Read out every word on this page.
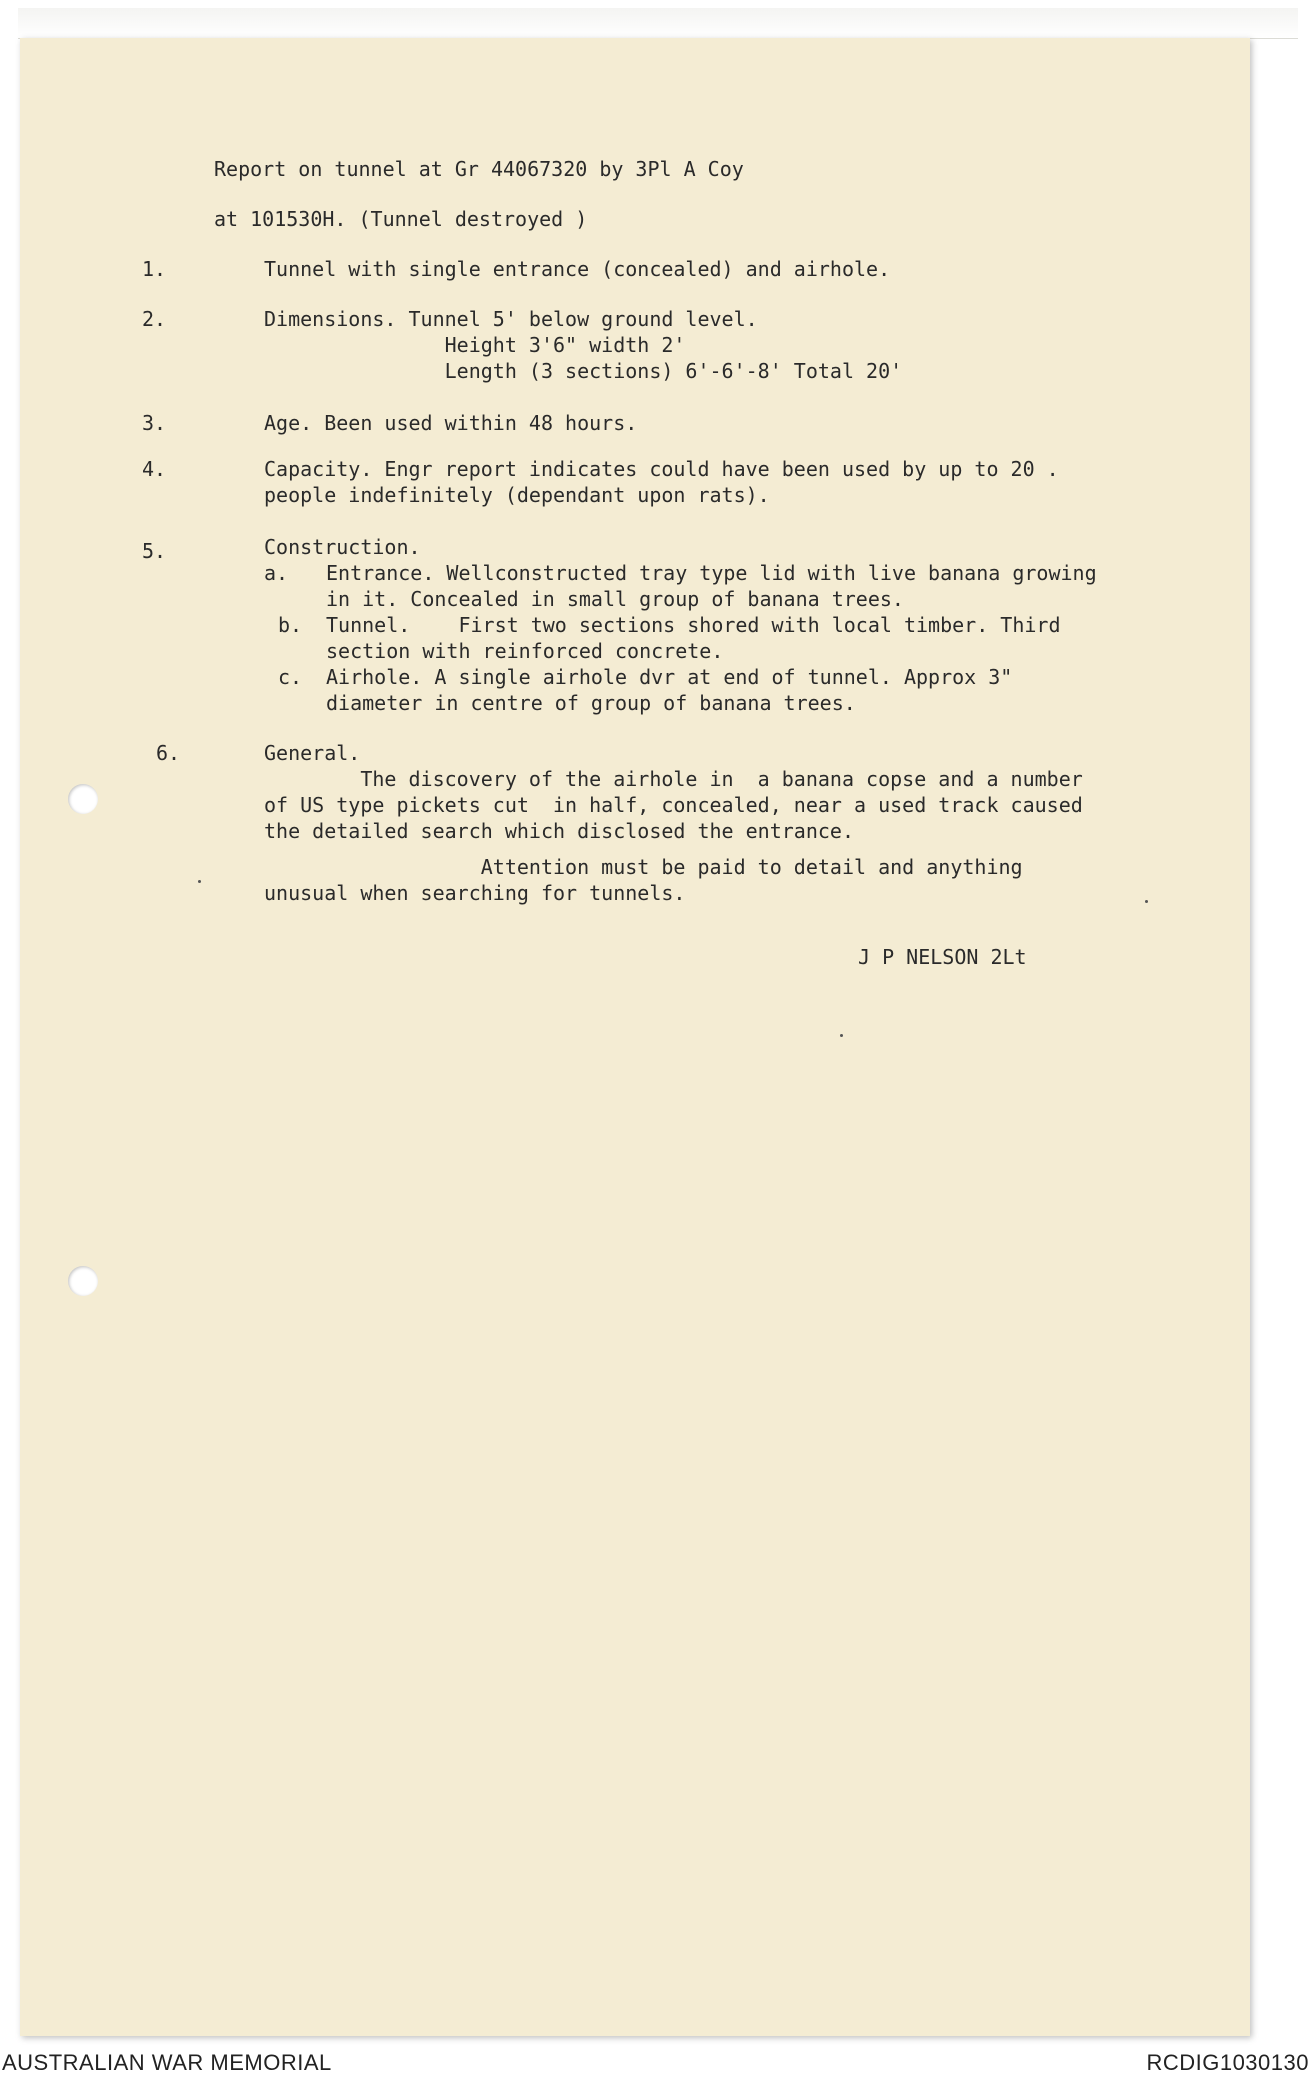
Report on tunnel at Gr 44067320 by 3Pl A Coy
at 101530H. (Tunnel destroyed )
1.	Tunnel with single entrance (concealed) and airhole.
2.	Dimensions. Tunnel 5' below ground level.
Height 3'6" width 2'
Length (3 sections) 6'-6'-8' Total 20'
3.	Age. Been used within 48 hours.
4.	Capacity. Engr report indicates could have been used by up to 20 .
people indefinitely (dependant upon rats).
5.	Construction.
a. Entrance. Wellconstructed tray type lid with live banana growing
in it. Concealed in small group of banana trees.
b. Tunnel.    First two sections shored with local timber. Third
section with reinforced concrete.
c. Airhole. A single airhole dvr at end of tunnel. Approx 3"
diameter in centre of group of banana trees.
6.	General.
The discovery of the airhole in  a banana copse and a number
of US type pickets cut  in half, concealed, near a used track caused
the detailed search which disclosed the entrance.
Attention must be paid to detail and anything
unusual when searching for tunnels.
J P NELSON 2Lt
AUSTRALIAN WAR MEMORIAL	RCDIG1030130
